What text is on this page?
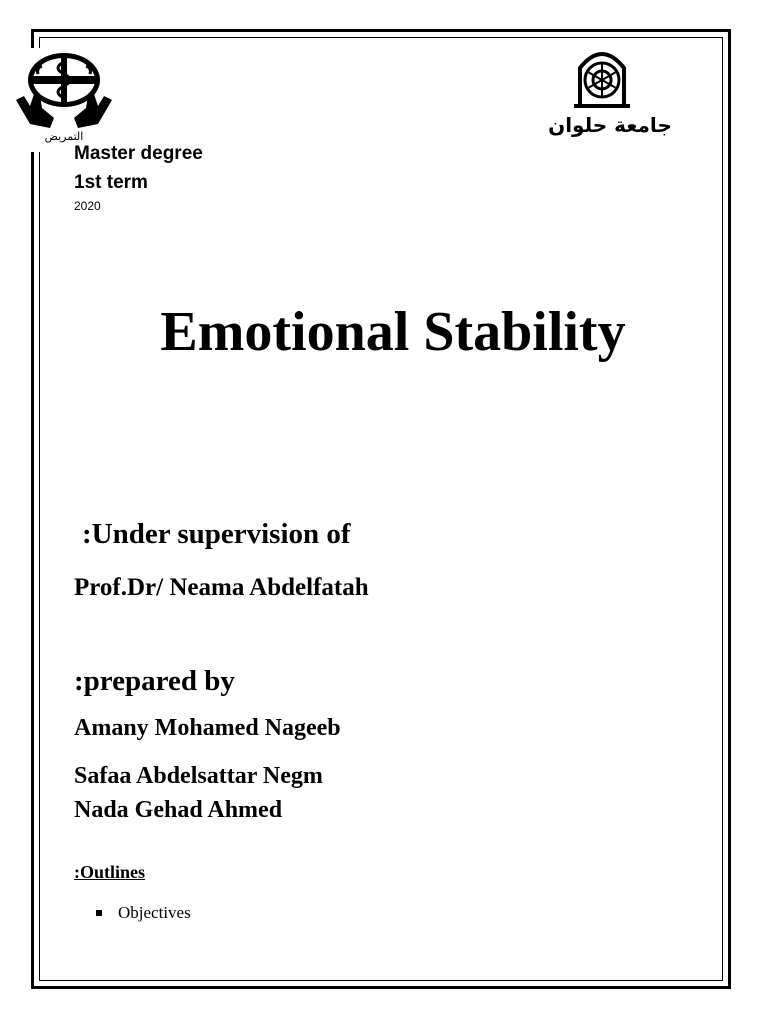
التمريض	جامعة حلوان
Master degree
1st term
2020
Emotional Stability
:Under supervision of
Prof.Dr/ Neama Abdelfatah
:prepared by
Amany Mohamed Nageeb
Safaa Abdelsattar Negm
Nada Gehad Ahmed
:Outlines
Objectives
